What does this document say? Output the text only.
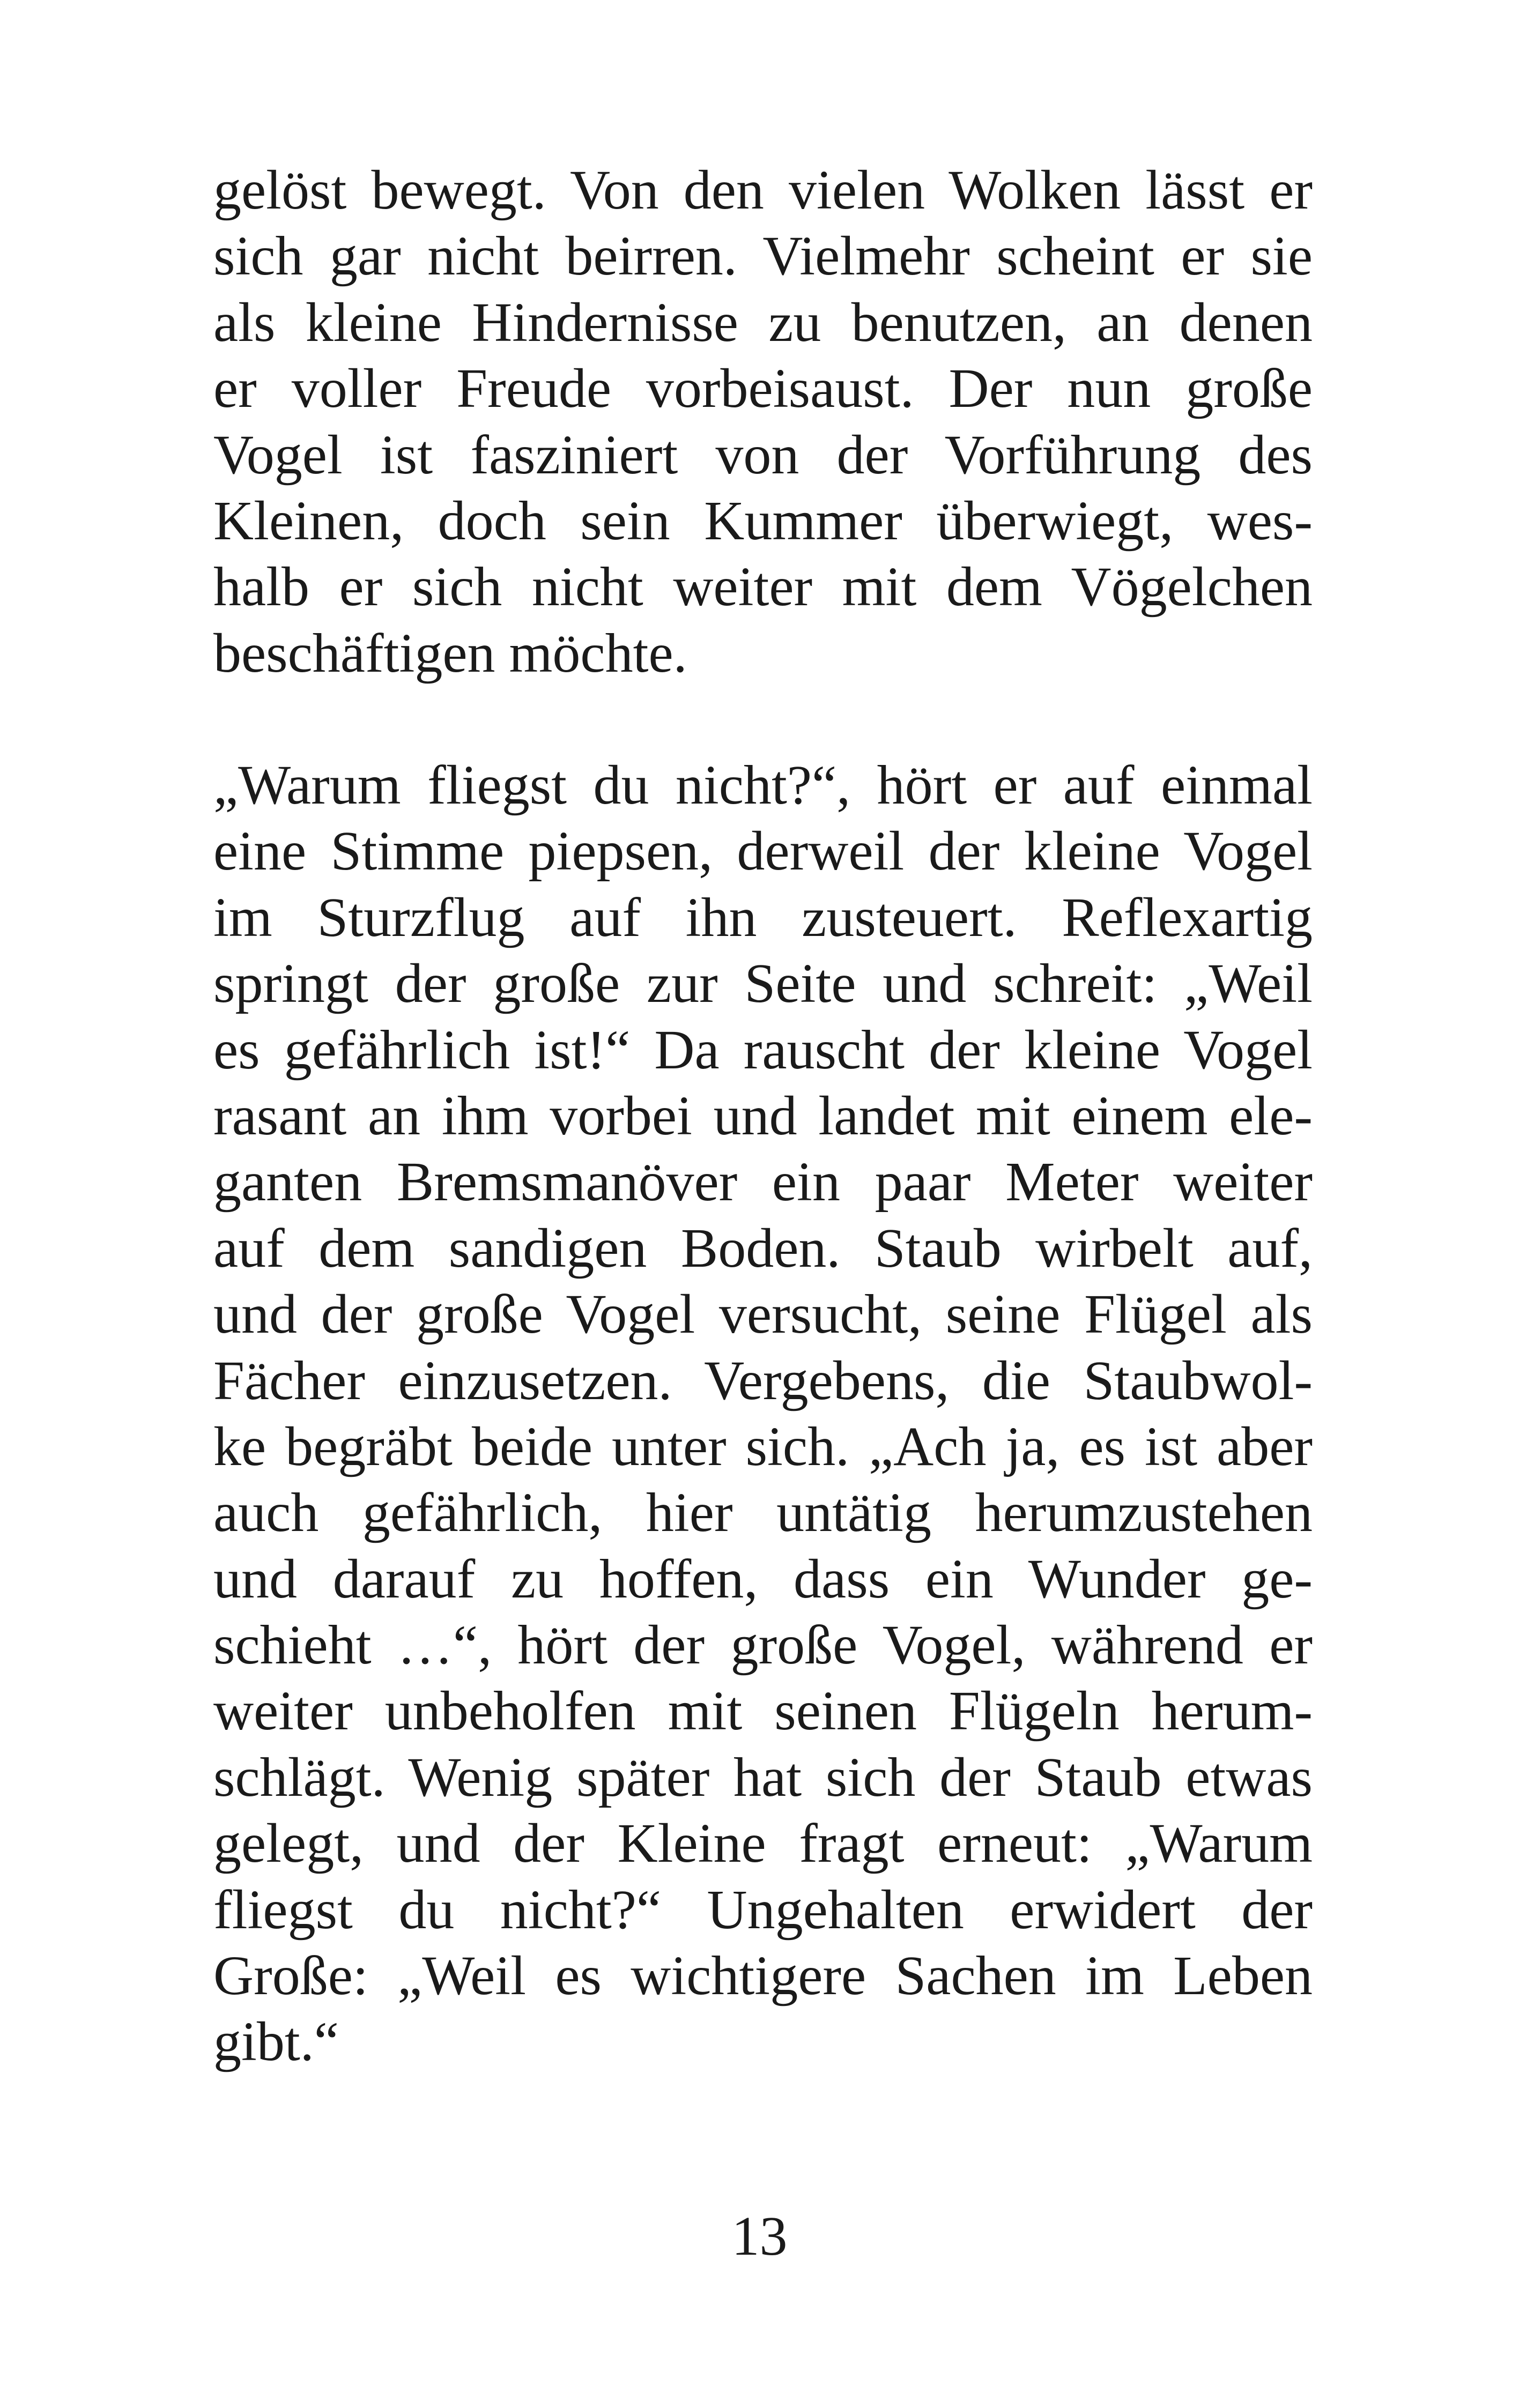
gelöst bewegt. Von den vielen Wolken lässt er
sich gar nicht beirren. Vielmehr scheint er sie
als kleine Hindernisse zu benutzen, an denen
er voller Freude vorbeisaust. Der nun große
Vogel ist fasziniert von der Vorführung des
Kleinen, doch sein Kummer überwiegt, wes-
halb er sich nicht weiter mit dem Vögelchen
beschäftigen möchte.
„Warum fliegst du nicht?“, hört er auf einmal
eine Stimme piepsen, derweil der kleine Vogel
im Sturzflug auf ihn zusteuert. Reflexartig
springt der große zur Seite und schreit: „Weil
es gefährlich ist!“ Da rauscht der kleine Vogel
rasant an ihm vorbei und landet mit einem ele-
ganten Bremsmanöver ein paar Meter weiter
auf dem sandigen Boden. Staub wirbelt auf,
und der große Vogel versucht, seine Flügel als
Fächer einzusetzen. Vergebens, die Staubwol-
ke begräbt beide unter sich. „Ach ja, es ist aber
auch gefährlich, hier untätig herumzustehen
und darauf zu hoffen, dass ein Wunder ge-
schieht …“, hört der große Vogel, während er
weiter unbeholfen mit seinen Flügeln herum-
schlägt. Wenig später hat sich der Staub etwas
gelegt, und der Kleine fragt erneut: „Warum
fliegst du nicht?“ Ungehalten erwidert der
Große: „Weil es wichtigere Sachen im Leben
gibt.“
13
